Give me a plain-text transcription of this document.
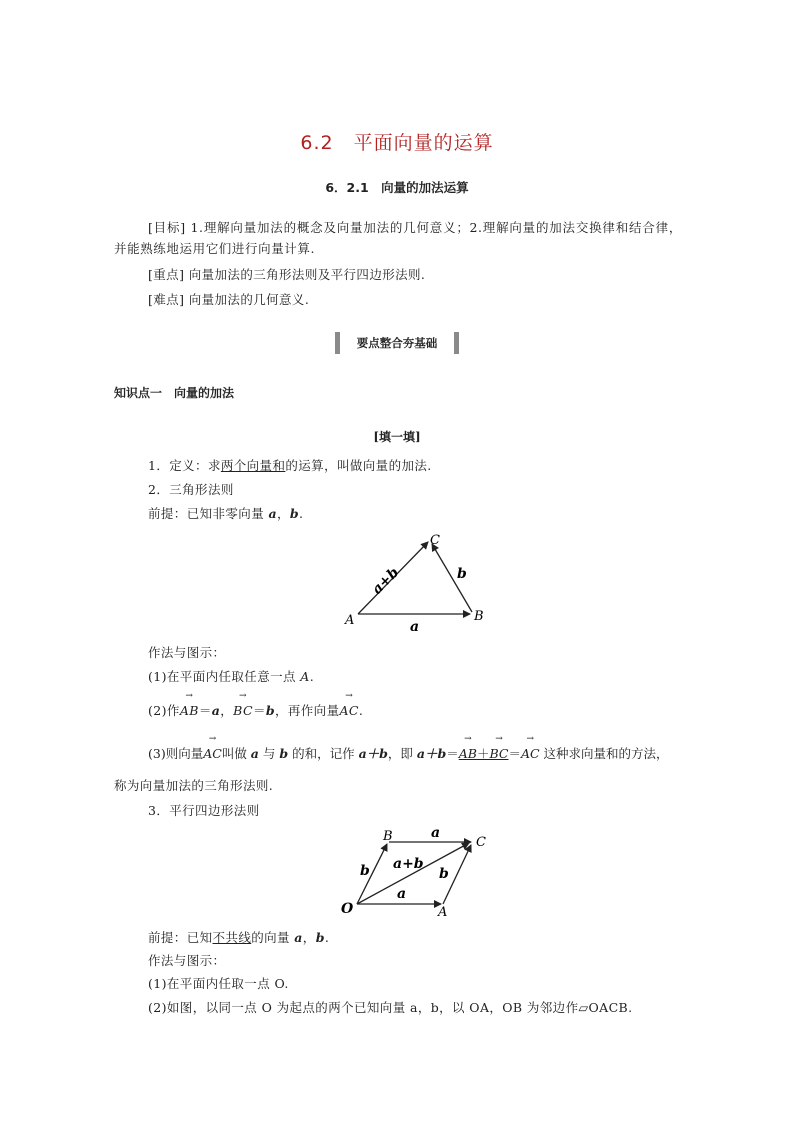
6.2　平面向量的运算
6．2.1　向量的加法运算
[目标] 1.理解向量加法的概念及向量加法的几何意义；2.理解向量的加法交换律和结合律，并能熟练地运用它们进行向量计算.
[重点] 向量加法的三角形法则及平行四边形法则.
[难点] 向量加法的几何意义.
要点整合夯基础
知识点一　向量的加法
[填一填]
1．定义：求两个向量和的运算，叫做向量的加法.
2．三角形法则
前提：已知非零向量 a，b.
A	B
C
a
b
a+b
作法与图示：
(1)在平面内任取任意一点 A.
(2)作→ AB＝a，→ BC＝b，再作向量→ AC.
(3)则向量→ AC叫做 a 与 b 的和，记作 a＋b，即 a＋b＝→ AB＋→ BC＝→ AC 这种求向量和的方法，
称为向量加法的三角形法则.
3．平行四边形法则
O	A
B	C
a
a
b	b
a+b
前提：已知不共线的向量 a，b.
作法与图示：
(1)在平面内任取一点 O.
(2)如图，以同一点 O 为起点的两个已知向量 a，b，以 OA，OB 为邻边作▱OACB.
